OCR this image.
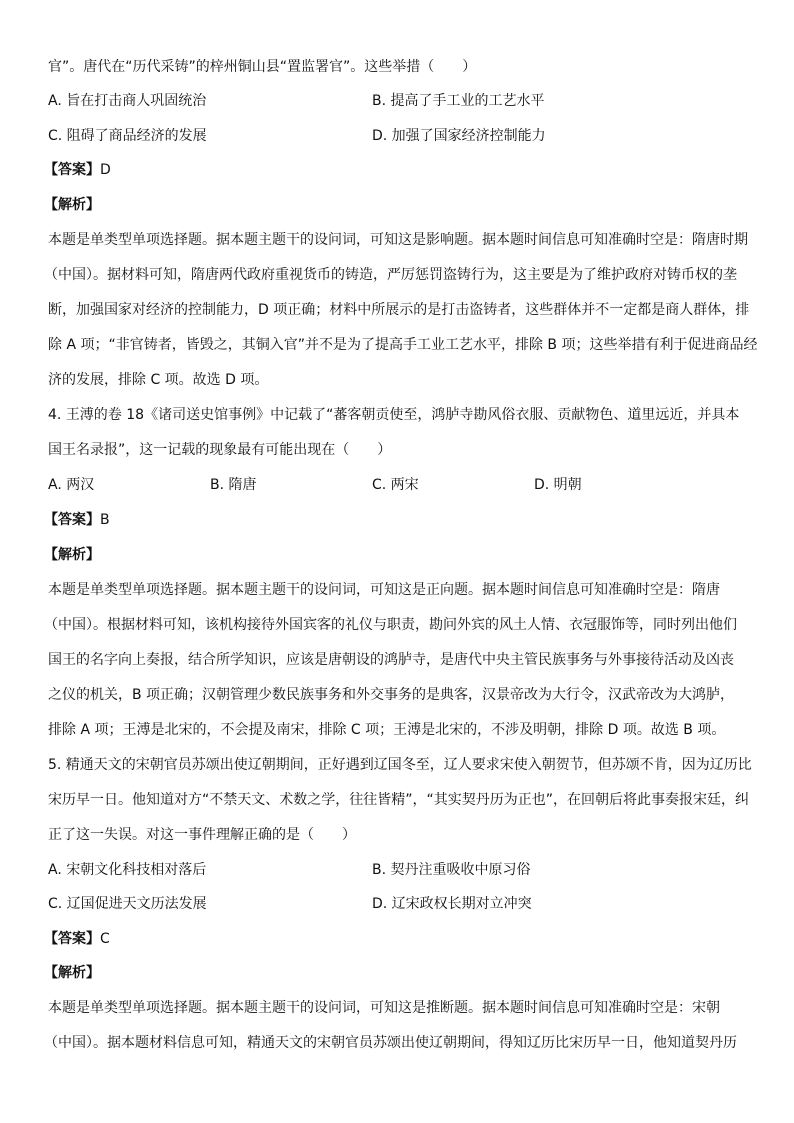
官”。唐代在“历代采铸”的梓州铜山县“置监署官”。这些举措（　　）
A. 旨在打击商人巩固统治	B. 提高了手工业的工艺水平
C. 阻碍了商品经济的发展	D. 加强了国家经济控制能力
【答案】D
【解析】
本题是单类型单项选择题。据本题主题干的设问词，可知这是影响题。据本题时间信息可知准确时空是：隋唐时期
（中国）。据材料可知，隋唐两代政府重视货币的铸造，严厉惩罚盗铸行为，这主要是为了维护政府对铸币权的垄
断，加强国家对经济的控制能力，D 项正确；材料中所展示的是打击盗铸者，这些群体并不一定都是商人群体，排
除 A 项；“非官铸者，皆毁之，其铜入官”并不是为了提高手工业工艺水平，排除 B 项；这些举措有利于促进商品经
济的发展，排除 C 项。故选 D 项。
4. 王溥的卷 18《诸司送史馆事例》中记载了“蕃客朝贡使至，鸿胪寺勘风俗衣服、贡献物色、道里远近，并具本
国王名录报”，这一记载的现象最有可能出现在（　　）
A. 两汉	B. 隋唐	C. 两宋	D. 明朝
【答案】B
【解析】
本题是单类型单项选择题。据本题主题干的设问词，可知这是正向题。据本题时间信息可知准确时空是：隋唐
（中国）。根据材料可知，该机构接待外国宾客的礼仪与职责，勘问外宾的风土人情、衣冠服饰等，同时列出他们
国王的名字向上奏报，结合所学知识，应该是唐朝设的鸿胪寺，是唐代中央主管民族事务与外事接待活动及凶丧
之仪的机关，B 项正确；汉朝管理少数民族事务和外交事务的是典客，汉景帝改为大行令，汉武帝改为大鸿胪，
排除 A 项；王溥是北宋的，不会提及南宋，排除 C 项；王溥是北宋的，不涉及明朝，排除 D 项。故选 B 项。
5. 精通天文的宋朝官员苏颂出使辽朝期间，正好遇到辽国冬至，辽人要求宋使入朝贺节，但苏颂不肯，因为辽历比
宋历早一日。他知道对方“不禁天文、术数之学，往往皆精”，“其实契丹历为正也”，在回朝后将此事奏报宋廷，纠
正了这一失误。对这一事件理解正确的是（　　）
A. 宋朝文化科技相对落后	B. 契丹注重吸收中原习俗
C. 辽国促进天文历法发展	D. 辽宋政权长期对立冲突
【答案】C
【解析】
本题是单类型单项选择题。据本题主题干的设问词，可知这是推断题。据本题时间信息可知准确时空是：宋朝
（中国）。据本题材料信息可知，精通天文的宋朝官员苏颂出使辽朝期间，得知辽历比宋历早一日，他知道契丹历
